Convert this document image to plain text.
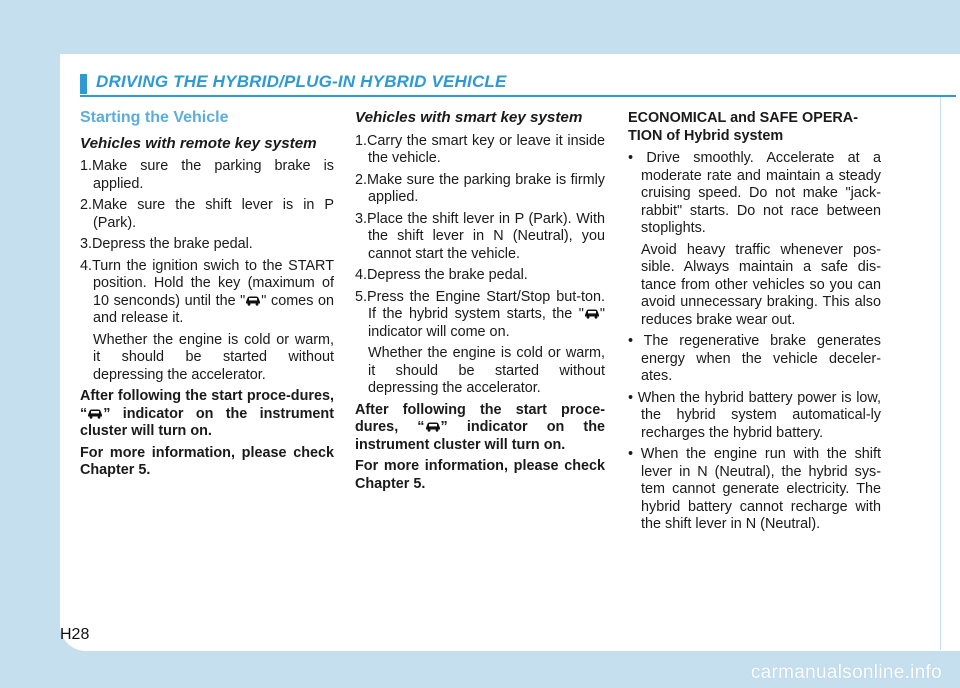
DRIVING THE HYBRID/PLUG-IN HYBRID VEHICLE
Starting the Vehicle
Vehicles with remote key system

1.Make sure the parking brake is applied.

2.Make sure the shift lever is in P (Park).

3.Depress the brake pedal.

4.Turn the ignition swich to the START position. Hold the key (maximum of 10 senconds) until the " " comes on and release it.

Whether the engine is cold or warm, it should be started without depressing the accelerator.

After following the start proce-dures, “ ” indicator on the instrument cluster will turn on.

For more information, please check Chapter 5.

Vehicles with smart key system

1.Carry the smart key or leave it inside the vehicle.

2.Make sure the parking brake is firmly applied.

3.Place the shift lever in P (Park). With the shift lever in N (Neutral), you cannot start the vehicle.

4.Depress the brake pedal.

5.Press the Engine Start/Stop but-ton. If the hybrid system starts, the " " indicator will come on.

Whether the engine is cold or warm, it should be started without depressing the accelerator.

After following the start proce-dures, “ ” indicator on the instrument cluster will turn on.

For more information, please check Chapter 5.

ECONOMICAL and SAFE OPERA-TION of Hybrid system

• Drive smoothly. Accelerate at a moderate rate and maintain a steady cruising speed. Do not make "jack-rabbit" starts. Do not race between stoplights.

Avoid heavy traffic whenever pos-sible. Always maintain a safe dis-tance from other vehicles so you can avoid unnecessary braking. This also reduces brake wear out.

• The regenerative brake generates energy when the vehicle deceler-ates.

• When the hybrid battery power is low, the hybrid system automatical-ly recharges the hybrid battery.

• When the engine run with the shift lever in N (Neutral), the hybrid sys-tem cannot generate electricity. The hybrid battery cannot recharge with the shift lever in N (Neutral).

H28
carmanualsonline.info
